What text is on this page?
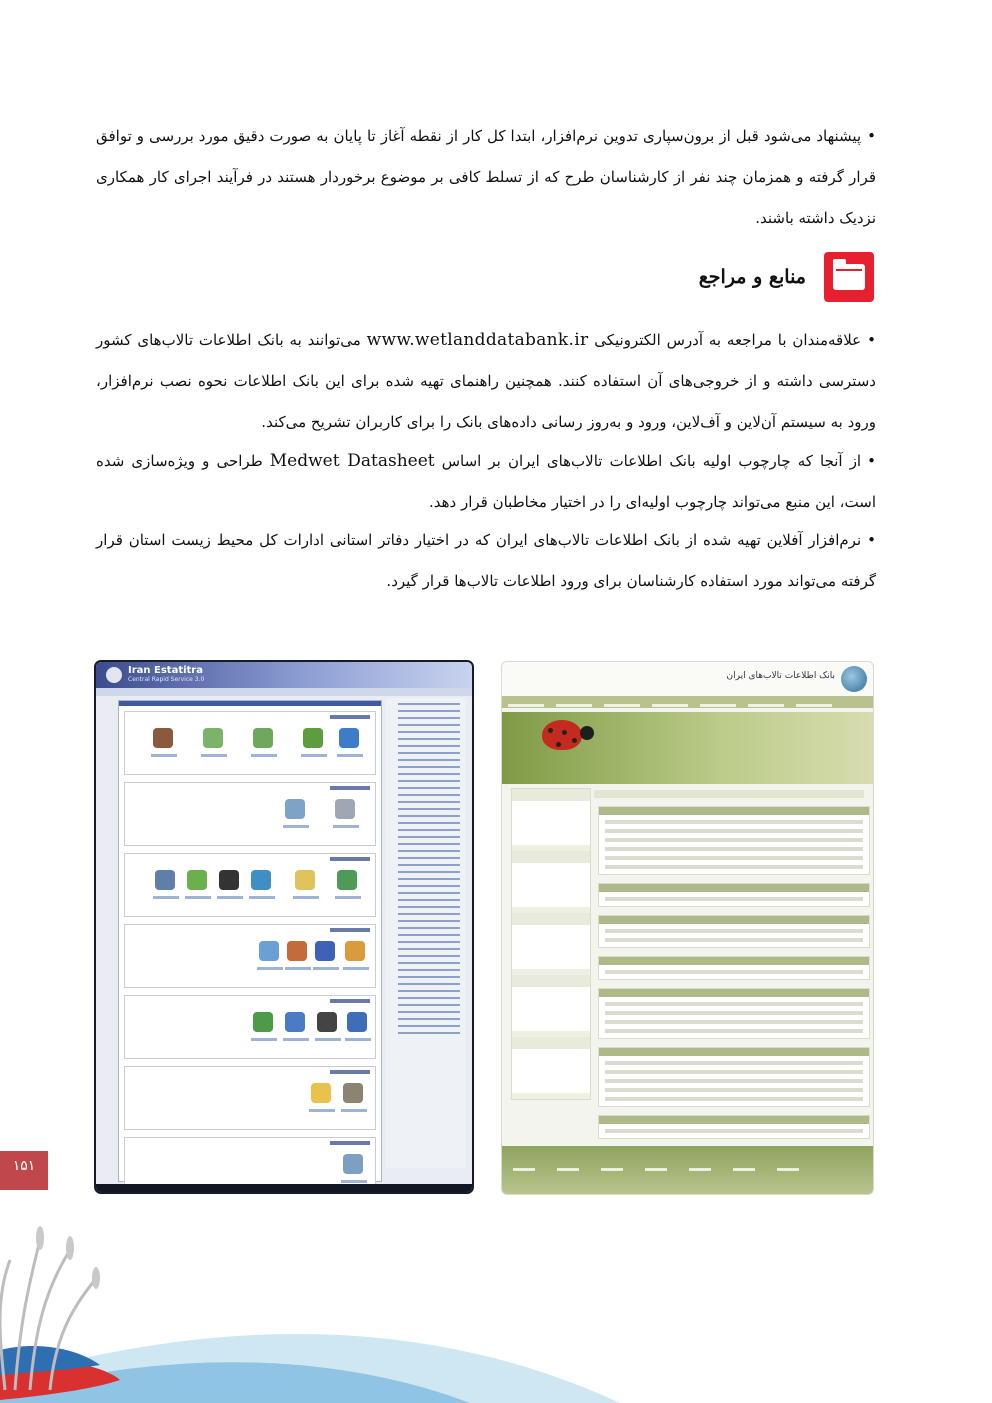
•پیشنهاد می‌شود قبل از برون‌سپاری تدوین نرم‌افزار، ابتدا کل کار از نقطه آغاز تا پایان به صورت دقیق مورد بررسی و توافق قرار گرفته و همزمان چند نفر از کارشناسان طرح که از تسلط کافی بر موضوع برخوردار هستند در فرآیند اجرای کار همکاری نزدیک داشته باشند.
منابع و مراجع
•علاقه‌مندان با مراجعه به آدرس الکترونیکی www.wetlanddatabank.ir می‌توانند به بانک اطلاعات تالاب‌های کشور دسترسی داشته و از خروجی‌های آن استفاده کنند. همچنین راهنمای تهیه شده برای این بانک اطلاعات نحوه نصب نرم‌افزار، ورود به سیستم آن‌لاین و آف‌لاین، ورود و به‌روز رسانی داده‌های بانک را برای کاربران تشریح می‌کند.
•از آنجا که چارچوب اولیه بانک اطلاعات تالاب‌های ایران بر اساس Medwet Datasheet طراحی و ویژه‌سازی شده است، این منبع می‌تواند چارچوب اولیه‌ای را در اختیار مخاطبان قرار دهد.
•نرم‌افزار آفلاین تهیه شده از بانک اطلاعات تالاب‌های ایران که در اختیار دفاتر استانی ادارات کل محیط زیست استان قرار گرفته می‌تواند مورد استفاده کارشناسان برای ورود اطلاعات تالاب‌ها قرار گیرد.
Iran Estatitra
Central Rapid Service 3.0	بانک اطلاعات تالاب‌های ایران
۱۵۱
